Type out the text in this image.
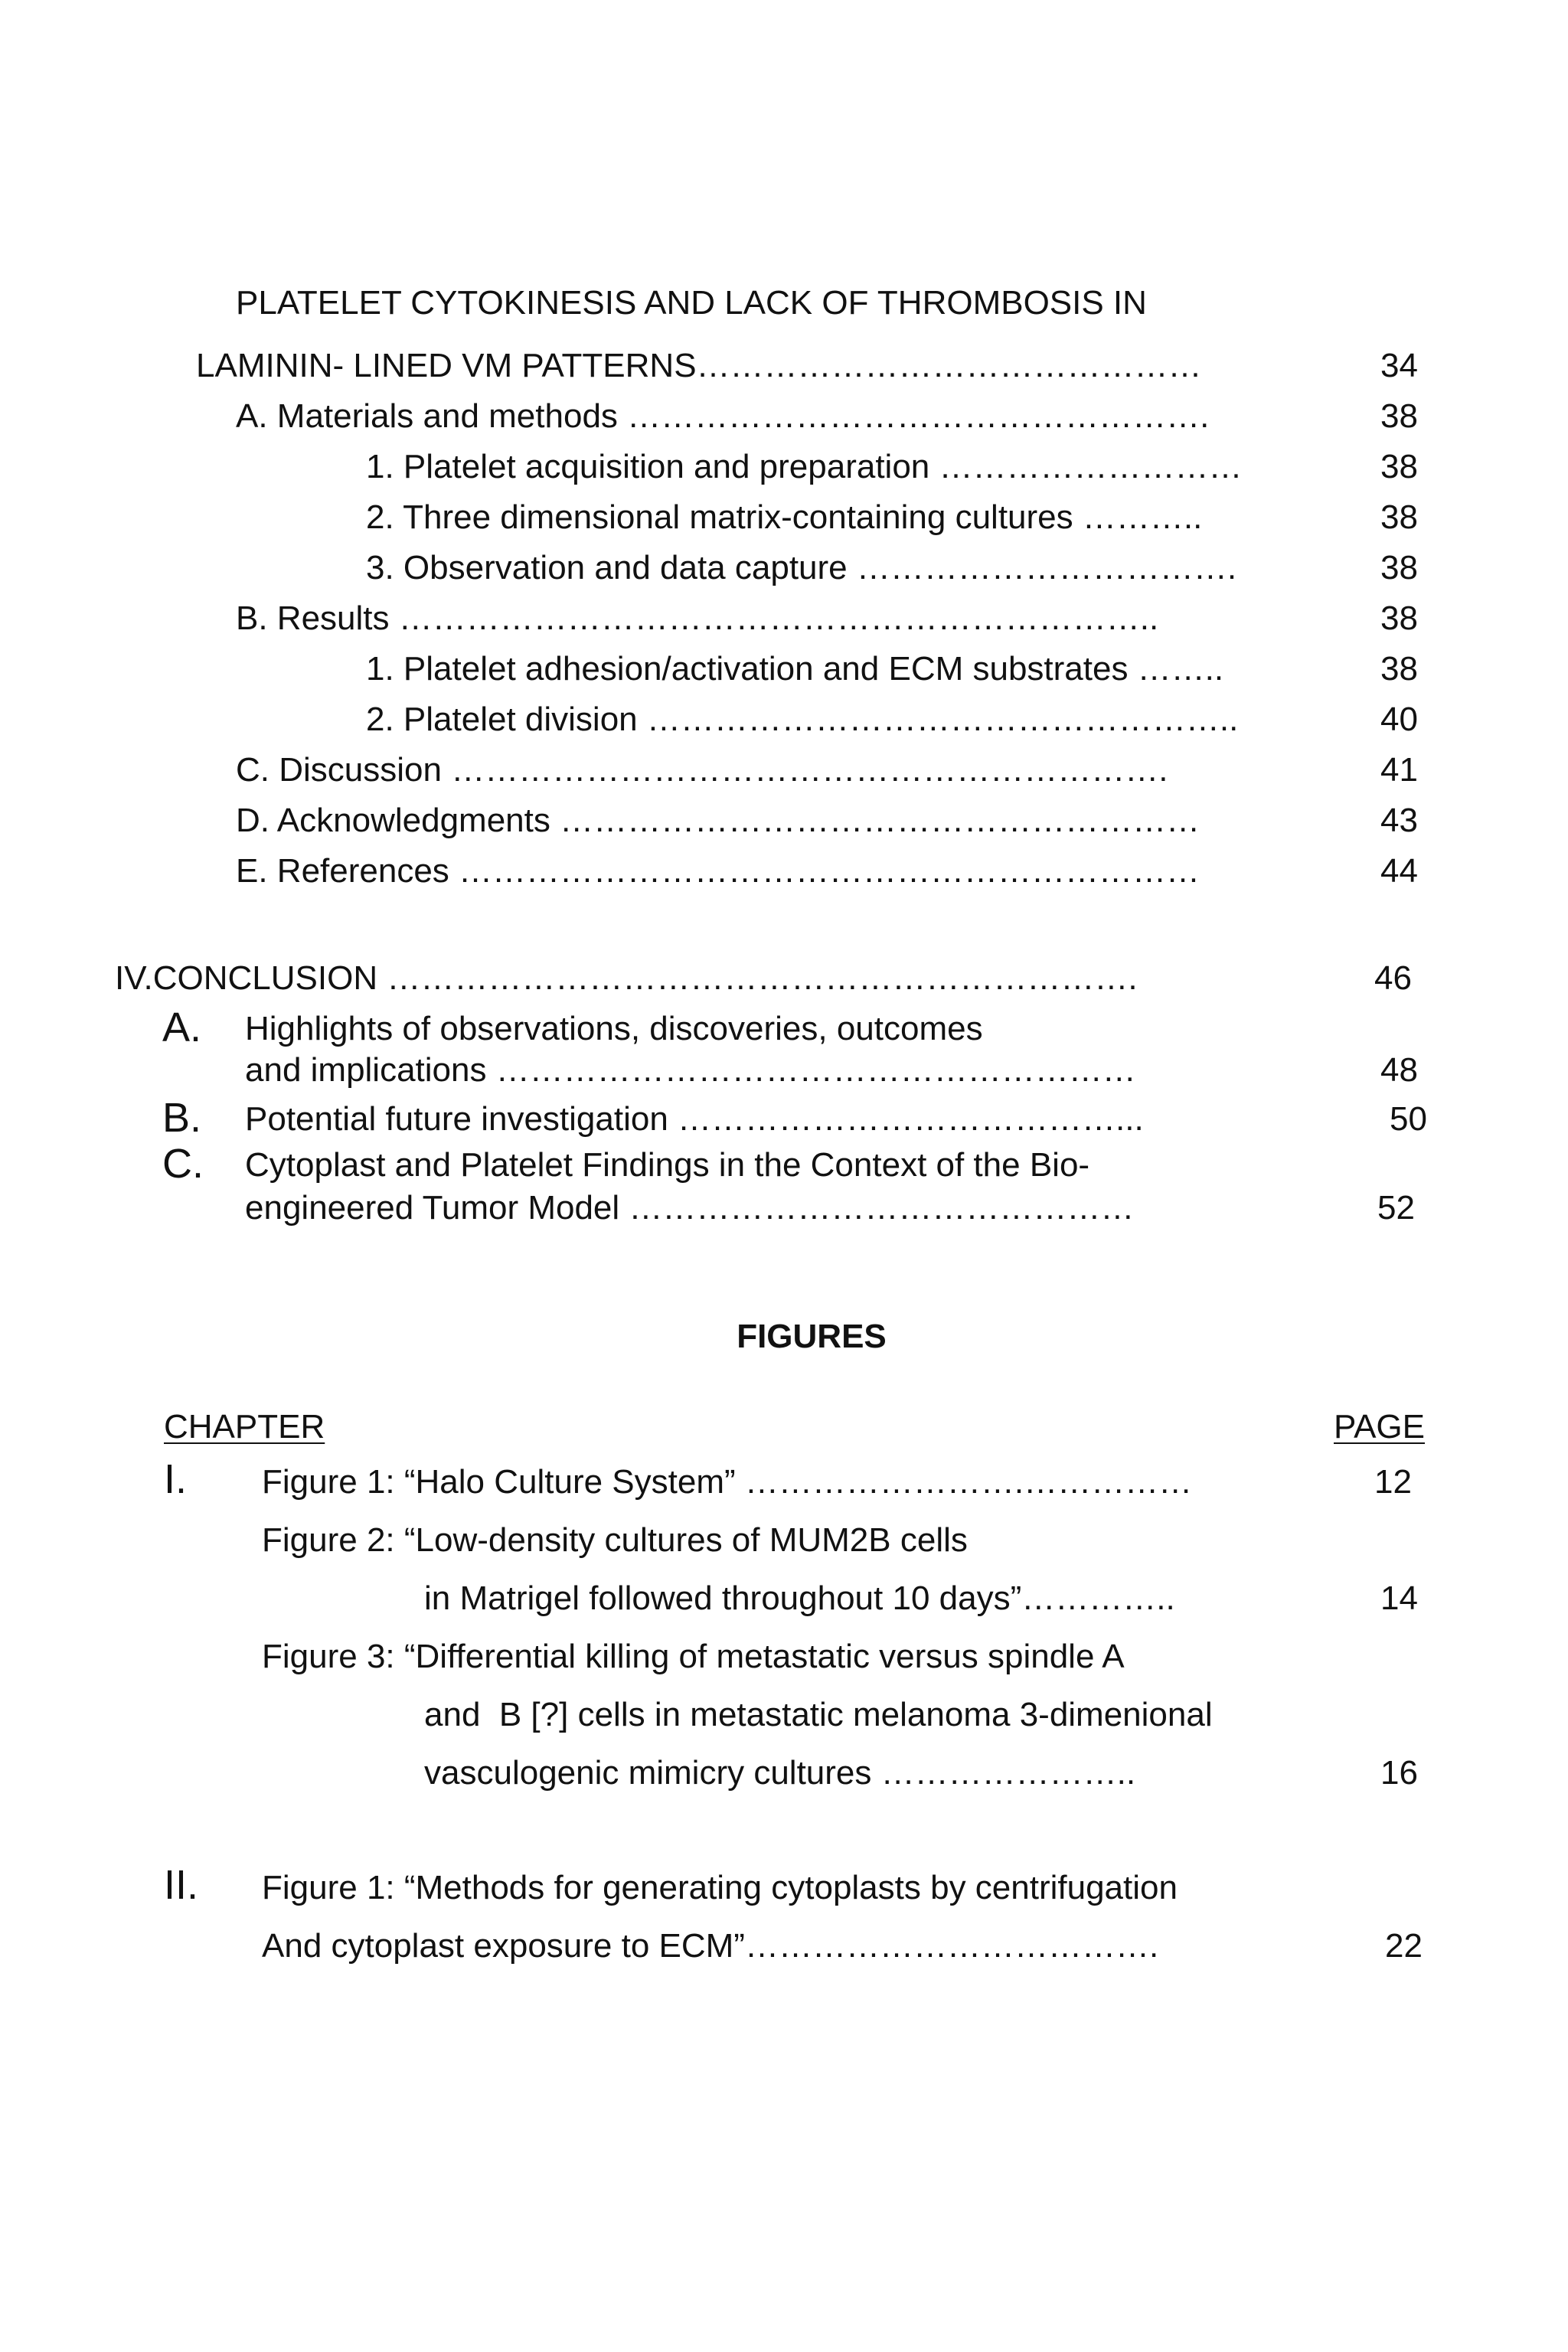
PLATELET CYTOKINESIS AND LACK OF THROMBOSIS IN
LAMININ- LINED VM PATTERNS………………………………………	34
A. Materials and methods …………………………………………….	38
1. Platelet acquisition and preparation ………………………	38
2. Three dimensional matrix-containing cultures ………..	38
3. Observation and data capture …………………………….	38
B. Results …………………………………………………………..	38
1. Platelet adhesion/activation and ECM substrates ……..	38
2. Platelet division ……………………………………………..	40
C. Discussion ……………………………………………………….	41
D. Acknowledgments …………………………………………………	43
E. References …………………………………………………………	44
IV.CONCLUSION ………………………………………………………….	46
A. Highlights of observations, discoveries, outcomes
and implications …………………………………………………	48
B. Potential future investigation …………………………………...	50
C. Cytoplast and Platelet Findings in the Context of the Bio-
engineered Tumor Model ………………………………………	52
FIGURES
CHAPTER	PAGE
I. Figure 1: “Halo Culture System” …………………….……………	12
Figure 2: “Low-density cultures of MUM2B cells
in Matrigel followed throughout 10 days”…………..	14
Figure 3: “Differential killing of metastatic versus spindle A
and  B [?] cells in metastatic melanoma 3-dimenional
vasculogenic mimicry cultures …………………..	16
II. Figure 1: “Methods for generating cytoplasts by centrifugation
And cytoplast exposure to ECM”……………………………….	22
